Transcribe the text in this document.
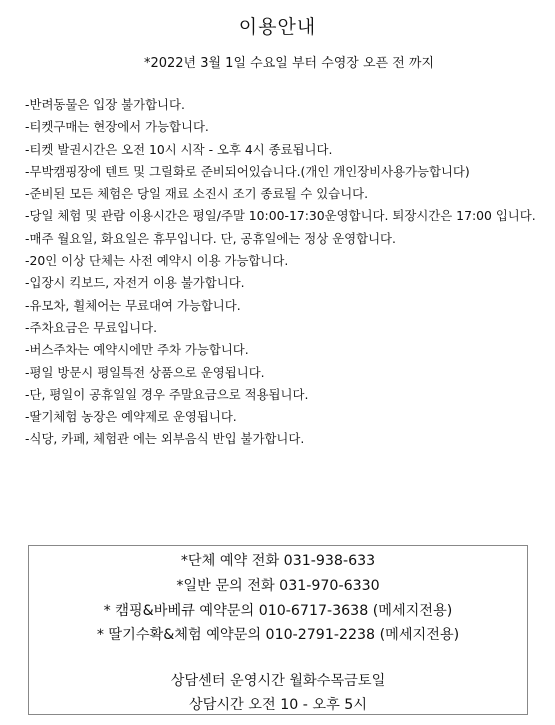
이용안내
*2022년 3월 1일 수요일 부터 수영장 오픈 전 까지
-반려동물은 입장 불가합니다.
-티켓구매는 현장에서 가능합니다.
-티켓 발권시간은 오전 10시 시작 - 오후 4시 종료됩니다.
-무박캠핑장에 텐트 및 그릴화로 준비되어있습니다.(개인 개인장비사용가능합니다)
-준비된 모든 체험은 당일 재료 소진시 조기 종료될 수 있습니다.
-당일 체험 및 관람 이용시간은 평일/주말 10:00-17:30운영합니다. 퇴장시간은 17:00 입니다.
-매주 월요일, 화요일은 휴무입니다. 단, 공휴일에는 정상 운영합니다.
-20인 이상 단체는 사전 예약시 이용 가능합니다.
-입장시 킥보드, 자전거 이용 불가합니다.
-유모차, 휠체어는 무료대여 가능합니다.
-주차요금은 무료입니다.
-버스주차는 예약시에만 주차 가능합니다.
-평일 방문시 평일특전 상품으로 운영됩니다.
-단, 평일이 공휴일일 경우 주말요금으로 적용됩니다.
-딸기체험 농장은 예약제로 운영됩니다.
-식당, 카페, 체험관 에는 외부음식 반입 불가합니다.
*단체 예약 전화 031-938-633
*일반 문의 전화 031-970-6330
* 캠핑&바베큐 예약문의 010-6717-3638 (메세지전용)
* 딸기수확&체험 예약문의 010-2791-2238 (메세지전용)
상담센터 운영시간 월화수목금토일
상담시간 오전 10 - 오후 5시
